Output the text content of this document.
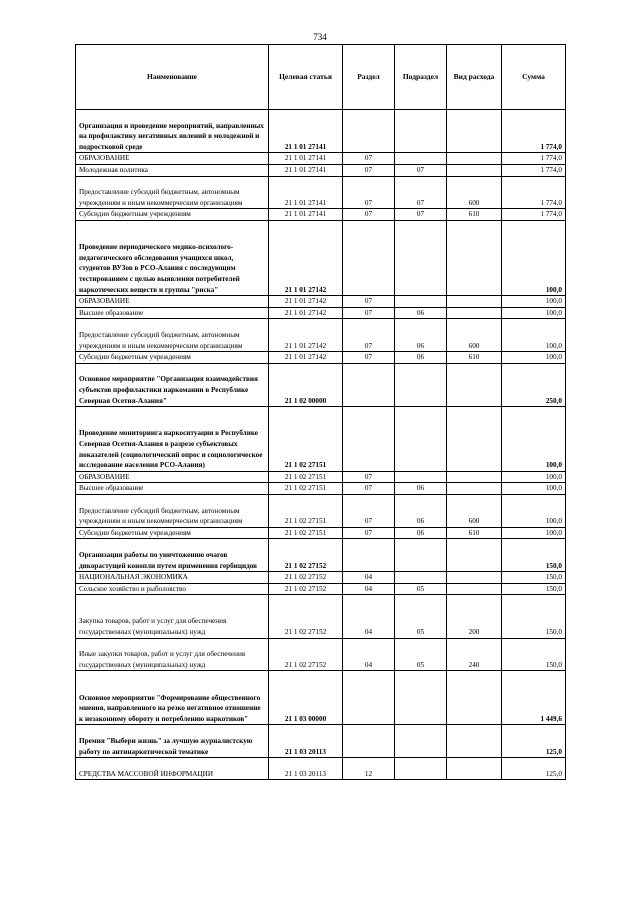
734
Наименование	Целевая статья	Раздел	Подраздел	Вид расхода	Сумма
Организация и проведение мероприятий, направленных на профилактику негативных явлений в молодежной и подростковой среде	21 1 01 27141				1 774,0
ОБРАЗОВАНИЕ	21 1 01 27141	07			1 774,0
Молодежная политика	21 1 01 27141	07	07		1 774,0
Предоставление субсидий бюджетным, автономным учреждениям и иным некоммерческим организациям	21 1 01 27141	07	07	600	1 774,0
Субсидии бюджетным учреждениям	21 1 01 27141	07	07	610	1 774,0
Проведение периодического медико-психолого-педагогического обследования учащихся школ, студентов ВУЗов в РСО-Алания с последующим тестированием с целью выявления потребителей наркотических веществ и группы "риска"	21 1 01 27142				100,0
ОБРАЗОВАНИЕ	21 1 01 27142	07			100,0
Высшее образование	21 1 01 27142	07	06		100,0
Предоставление субсидий бюджетным, автономным учреждениям и иным некоммерческим организациям	21 1 01 27142	07	06	600	100,0
Субсидии бюджетным учреждениям	21 1 01 27142	07	06	610	100,0
Основное мероприятие "Организация взаимодействия субъектов профилактики наркомании в Республике Северная Осетия-Алания"	21 1 02 00000				250,0
Проведение мониторинга наркоситуации в Республике Северная Осетия-Алания в разрезе субъектовых показателей (социологический опрос и социологическое исследование населения РСО-Алания)	21 1 02 27151				100,0
ОБРАЗОВАНИЕ	21 1 02 27151	07			100,0
Высшее образование	21 1 02 27151	07	06		100,0
Предоставление субсидий бюджетным, автономным учреждениям и иным некоммерческим организациям	21 1 02 27151	07	06	600	100,0
Субсидии бюджетным учреждениям	21 1 02 27151	07	06	610	100,0
Организация работы по уничтожению очагов дикорастущей конопли путем применения гербицидов	21 1 02 27152				150,0
НАЦИОНАЛЬНАЯ ЭКОНОМИКА	21 1 02 27152	04			150,0
Сельское хозяйство и рыболовство	21 1 02 27152	04	05		150,0
Закупка товаров, работ и услуг для обеспечения государственных (муниципальных) нужд	21 1 02 27152	04	05	200	150,0
Иные закупки товаров, работ и услуг для обеспечения государственных (муниципальных) нужд	21 1 02 27152	04	05	240	150,0
Основное мероприятие "Формирование общественного мнения, направленного на резко негативное отношение к незаконному обороту и потреблению наркотиков"	21 1 03 00000				1 449,6
Премия "Выбери жизнь" за лучшую журналистскую работу по антинаркотической тематике	21 1 03 20113				125,0
СРЕДСТВА МАССОВОЙ ИНФОРМАЦИИ	21 1 03 20113	12			125,0
